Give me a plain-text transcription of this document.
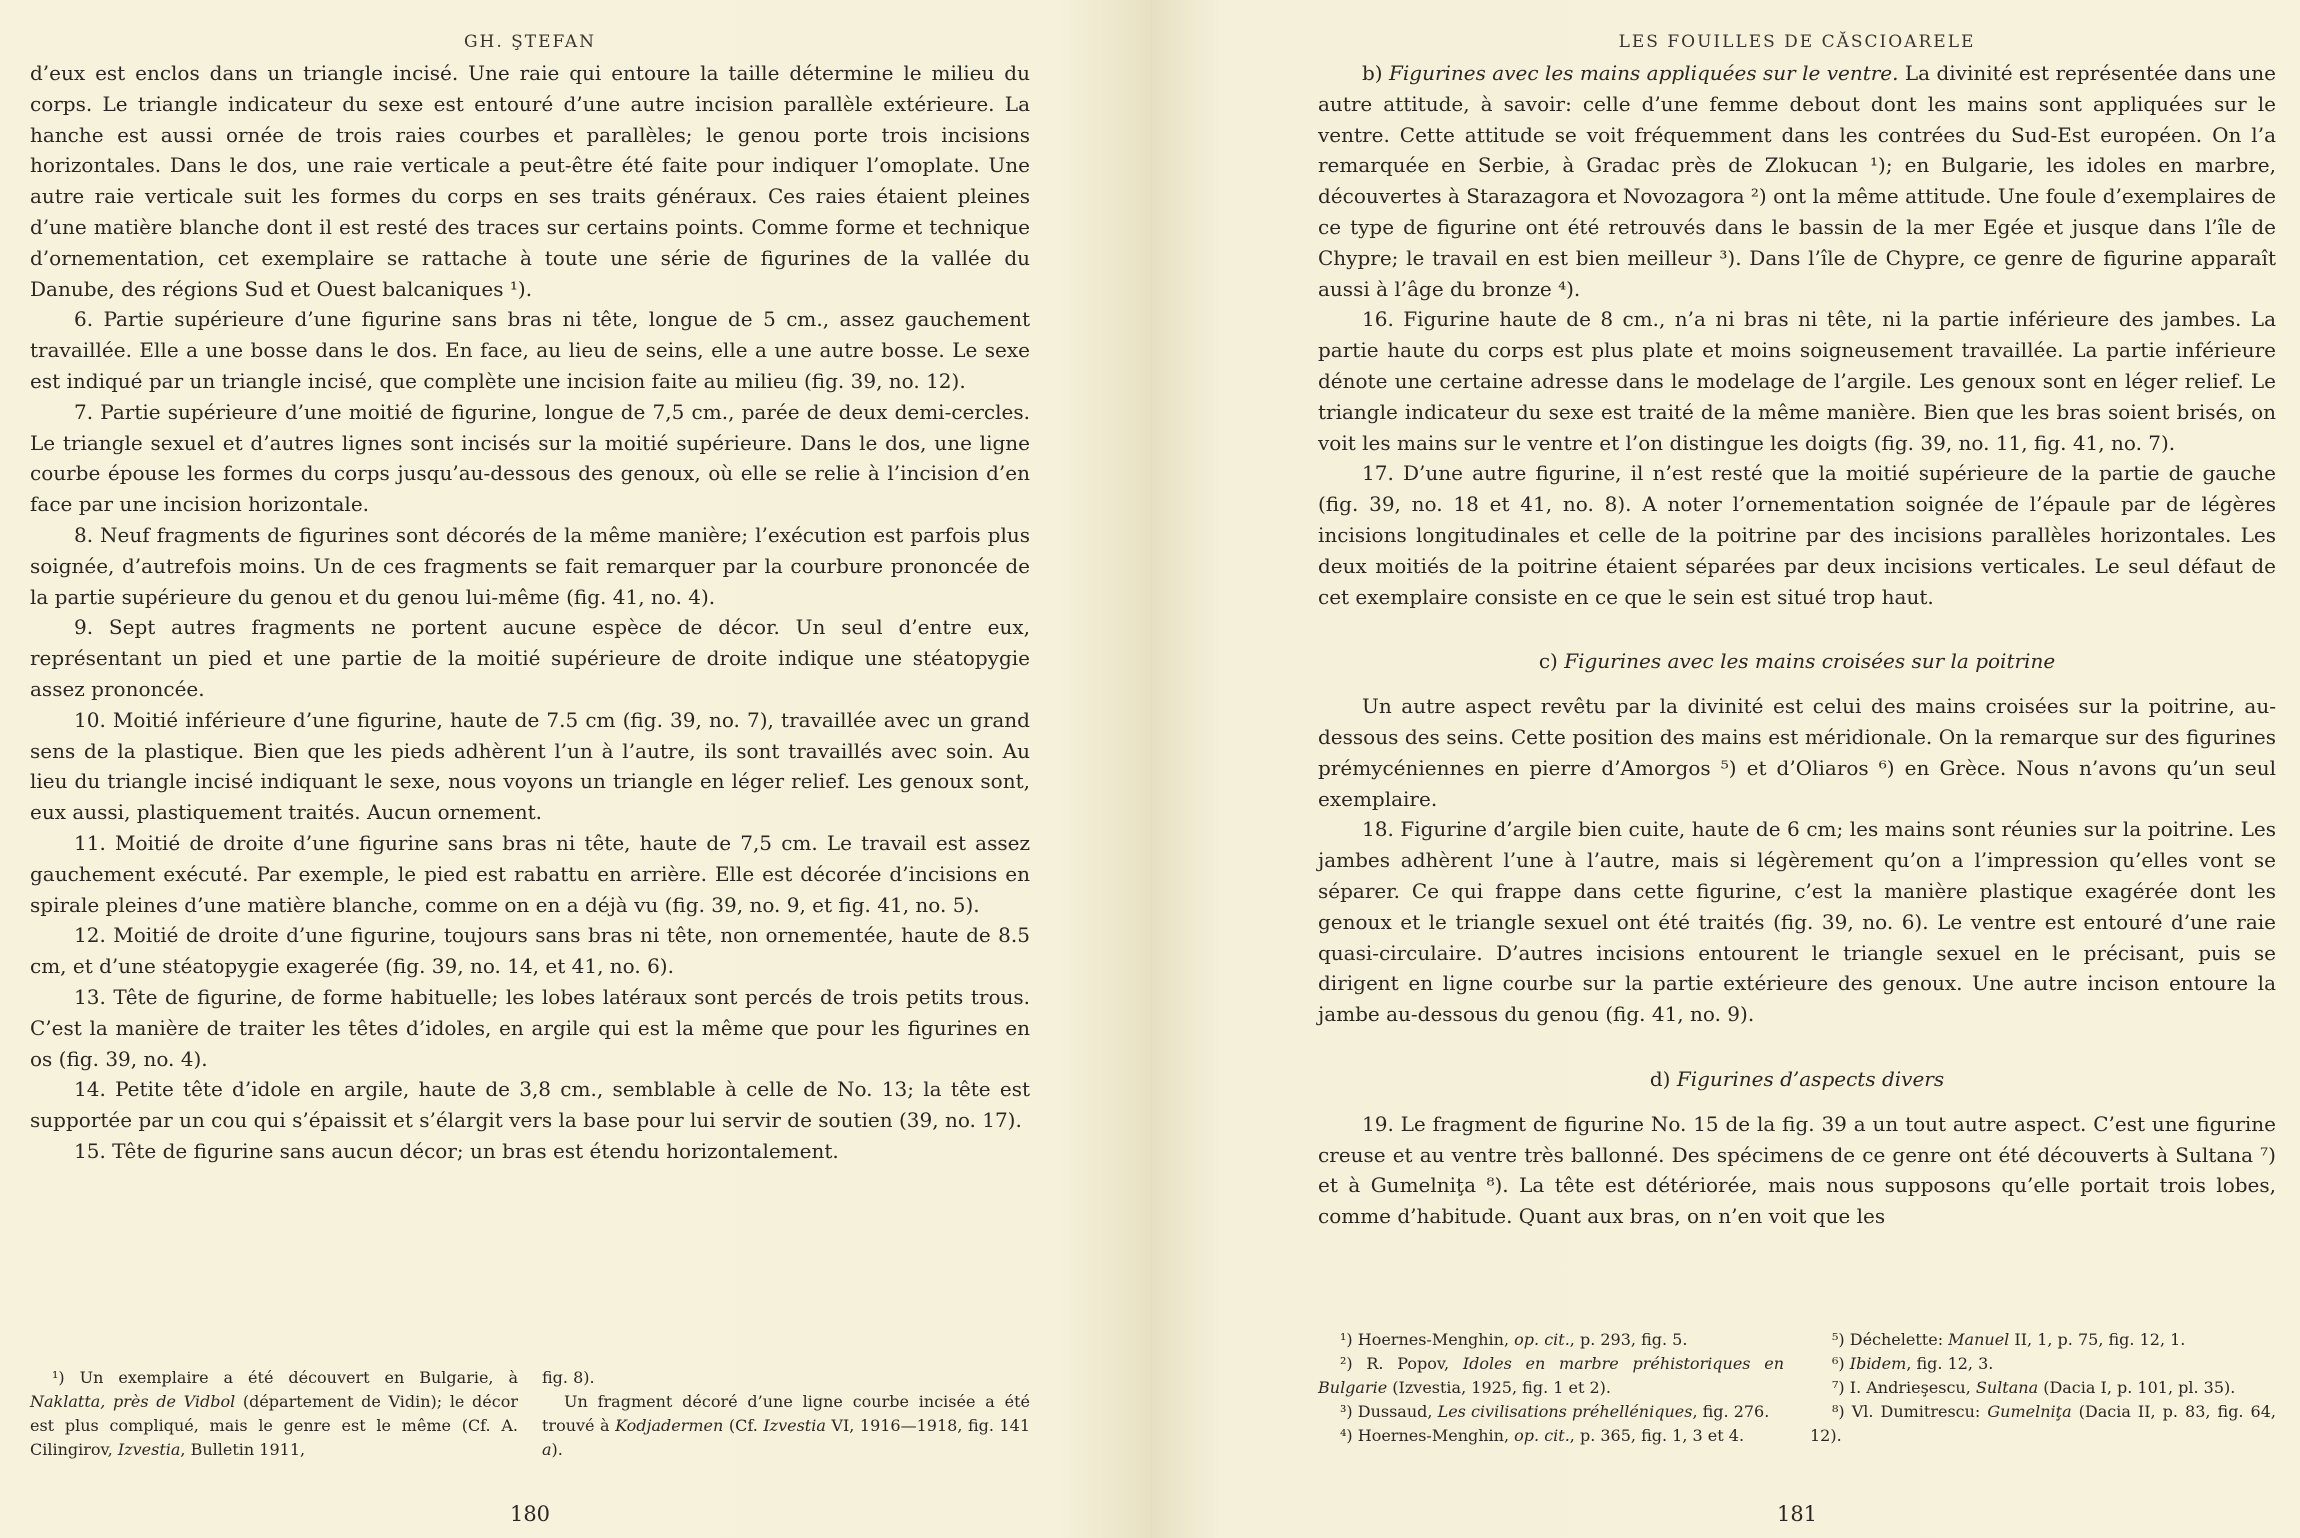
GH. ŞTEFAN

d’eux est enclos dans un triangle incisé. Une raie qui entoure la taille détermine le milieu du corps. Le triangle indicateur du sexe est entouré d’une autre incision parallèle extérieure. La hanche est aussi ornée de trois raies courbes et parallèles; le genou porte trois incisions horizontales. Dans le dos, une raie verticale a peut-être été faite pour indiquer l’omoplate. Une autre raie verticale suit les formes du corps en ses traits généraux. Ces raies étaient pleines d’une matière blanche dont il est resté des traces sur certains points. Comme forme et technique d’ornementation, cet exemplaire se rattache à toute une série de figurines de la vallée du Danube, des régions Sud et Ouest balcaniques ¹).

6. Partie supérieure d’une figurine sans bras ni tête, longue de 5 cm., assez gauchement travaillée. Elle a une bosse dans le dos. En face, au lieu de seins, elle a une autre bosse. Le sexe est indiqué par un triangle incisé, que complète une incision faite au milieu (fig. 39, no. 12).

7. Partie supérieure d’une moitié de figurine, longue de 7,5 cm., parée de deux demi-cercles. Le triangle sexuel et d’autres lignes sont incisés sur la moitié supérieure. Dans le dos, une ligne courbe épouse les formes du corps jusqu’au-dessous des genoux, où elle se relie à l’incision d’en face par une incision horizontale.

8. Neuf fragments de figurines sont décorés de la même manière; l’exécution est parfois plus soignée, d’autrefois moins. Un de ces fragments se fait remarquer par la courbure prononcée de la partie supérieure du genou et du genou lui-même (fig. 41, no. 4).

9. Sept autres fragments ne portent aucune espèce de décor. Un seul d’entre eux, représentant un pied et une partie de la moitié supérieure de droite indique une stéatopygie assez prononcée.

10. Moitié inférieure d’une figurine, haute de 7.5 cm (fig. 39, no. 7), travaillée avec un grand sens de la plastique. Bien que les pieds adhèrent l’un à l’autre, ils sont travaillés avec soin. Au lieu du triangle incisé indiquant le sexe, nous voyons un triangle en léger relief. Les genoux sont, eux aussi, plastiquement traités. Aucun ornement.

11. Moitié de droite d’une figurine sans bras ni tête, haute de 7,5 cm. Le travail est assez gauchement exécuté. Par exemple, le pied est rabattu en arrière. Elle est décorée d’incisions en spirale pleines d’une matière blanche, comme on en a déjà vu (fig. 39, no. 9, et fig. 41, no. 5).

12. Moitié de droite d’une figurine, toujours sans bras ni tête, non ornementée, haute de 8.5 cm, et d’une stéatopygie exagerée (fig. 39, no. 14, et 41, no. 6).

13. Tête de figurine, de forme habituelle; les lobes latéraux sont percés de trois petits trous. C’est la manière de traiter les têtes d’idoles, en argile qui est la même que pour les figurines en os (fig. 39, no. 4).

14. Petite tête d’idole en argile, haute de 3,8 cm., semblable à celle de No. 13; la tête est supportée par un cou qui s’épaissit et s’élargit vers la base pour lui servir de soutien (39, no. 17).

15. Tête de figurine sans aucun décor; un bras est étendu horizontalement.

¹) Un exemplaire a été découvert en Bulgarie, à Naklatta, près de Vidbol (département de Vidin); le décor est plus compliqué, mais le genre est le même (Cf. A. Cilingirov, Izvestia, Bulletin 1911,

fig. 8).

Un fragment décoré d’une ligne courbe incisée a été trouvé à Kodjadermen (Cf. Izvestia VI, 1916—1918, fig. 141 a).

180
LES FOUILLES DE CĂSCIOARELE

b) Figurines avec les mains appliquées sur le ventre. La divinité est représentée dans une autre attitude, à savoir: celle d’une femme debout dont les mains sont appliquées sur le ventre. Cette attitude se voit fréquemment dans les contrées du Sud-Est européen. On l’a remarquée en Serbie, à Gradac près de Zlokucan ¹); en Bulgarie, les idoles en marbre, découvertes à Starazagora et Novozagora ²) ont la même attitude. Une foule d’exemplaires de ce type de figurine ont été retrouvés dans le bassin de la mer Egée et jusque dans l’île de Chypre; le travail en est bien meilleur ³). Dans l’île de Chypre, ce genre de figurine apparaît aussi à l’âge du bronze ⁴).

16. Figurine haute de 8 cm., n’a ni bras ni tête, ni la partie inférieure des jambes. La partie haute du corps est plus plate et moins soigneusement travaillée. La partie inférieure dénote une certaine adresse dans le modelage de l’argile. Les genoux sont en léger relief. Le triangle indicateur du sexe est traité de la même manière. Bien que les bras soient brisés, on voit les mains sur le ventre et l’on distingue les doigts (fig. 39, no. 11, fig. 41, no. 7).

17. D’une autre figurine, il n’est resté que la moitié supérieure de la partie de gauche (fig. 39, no. 18 et 41, no. 8). A noter l’ornementation soignée de l’épaule par de légères incisions longitudinales et celle de la poitrine par des incisions parallèles horizontales. Les deux moitiés de la poitrine étaient séparées par deux incisions verticales. Le seul défaut de cet exemplaire consiste en ce que le sein est situé trop haut.

c) Figurines avec les mains croisées sur la poitrine

Un autre aspect revêtu par la divinité est celui des mains croisées sur la poitrine, au-dessous des seins. Cette position des mains est méridionale. On la remarque sur des figurines prémycéniennes en pierre d’Amorgos ⁵) et d’Oliaros ⁶) en Grèce. Nous n’avons qu’un seul exemplaire.

18. Figurine d’argile bien cuite, haute de 6 cm; les mains sont réunies sur la poitrine. Les jambes adhèrent l’une à l’autre, mais si légèrement qu’on a l’impression qu’elles vont se séparer. Ce qui frappe dans cette figurine, c’est la manière plastique exagérée dont les genoux et le triangle sexuel ont été traités (fig. 39, no. 6). Le ventre est entouré d’une raie quasi-circulaire. D’autres incisions entourent le triangle sexuel en le précisant, puis se dirigent en ligne courbe sur la partie extérieure des genoux. Une autre incison entoure la jambe au-dessous du genou (fig. 41, no. 9).

d) Figurines d’aspects divers

19. Le fragment de figurine No. 15 de la fig. 39 a un tout autre aspect. C’est une figurine creuse et au ventre très ballonné. Des spécimens de ce genre ont été découverts à Sultana ⁷) et à Gumelniţa ⁸). La tête est détériorée, mais nous supposons qu’elle portait trois lobes, comme d’habitude. Quant aux bras, on n’en voit que les

¹) Hoernes-Menghin, op. cit., p. 293, fig. 5.

²) R. Popov, Idoles en marbre préhistoriques en Bulgarie (Izvestia, 1925, fig. 1 et 2).

³) Dussaud, Les civilisations préhelléniques, fig. 276.

⁴) Hoernes-Menghin, op. cit., p. 365, fig. 1, 3 et 4.

⁵) Déchelette: Manuel II, 1, p. 75, fig. 12, 1.

⁶) Ibidem, fig. 12, 3.

⁷) I. Andrieşescu, Sultana (Dacia I, p. 101, pl. 35).

⁸) Vl. Dumitrescu: Gumelniţa (Dacia II, p. 83, fig. 64, 12).

181
